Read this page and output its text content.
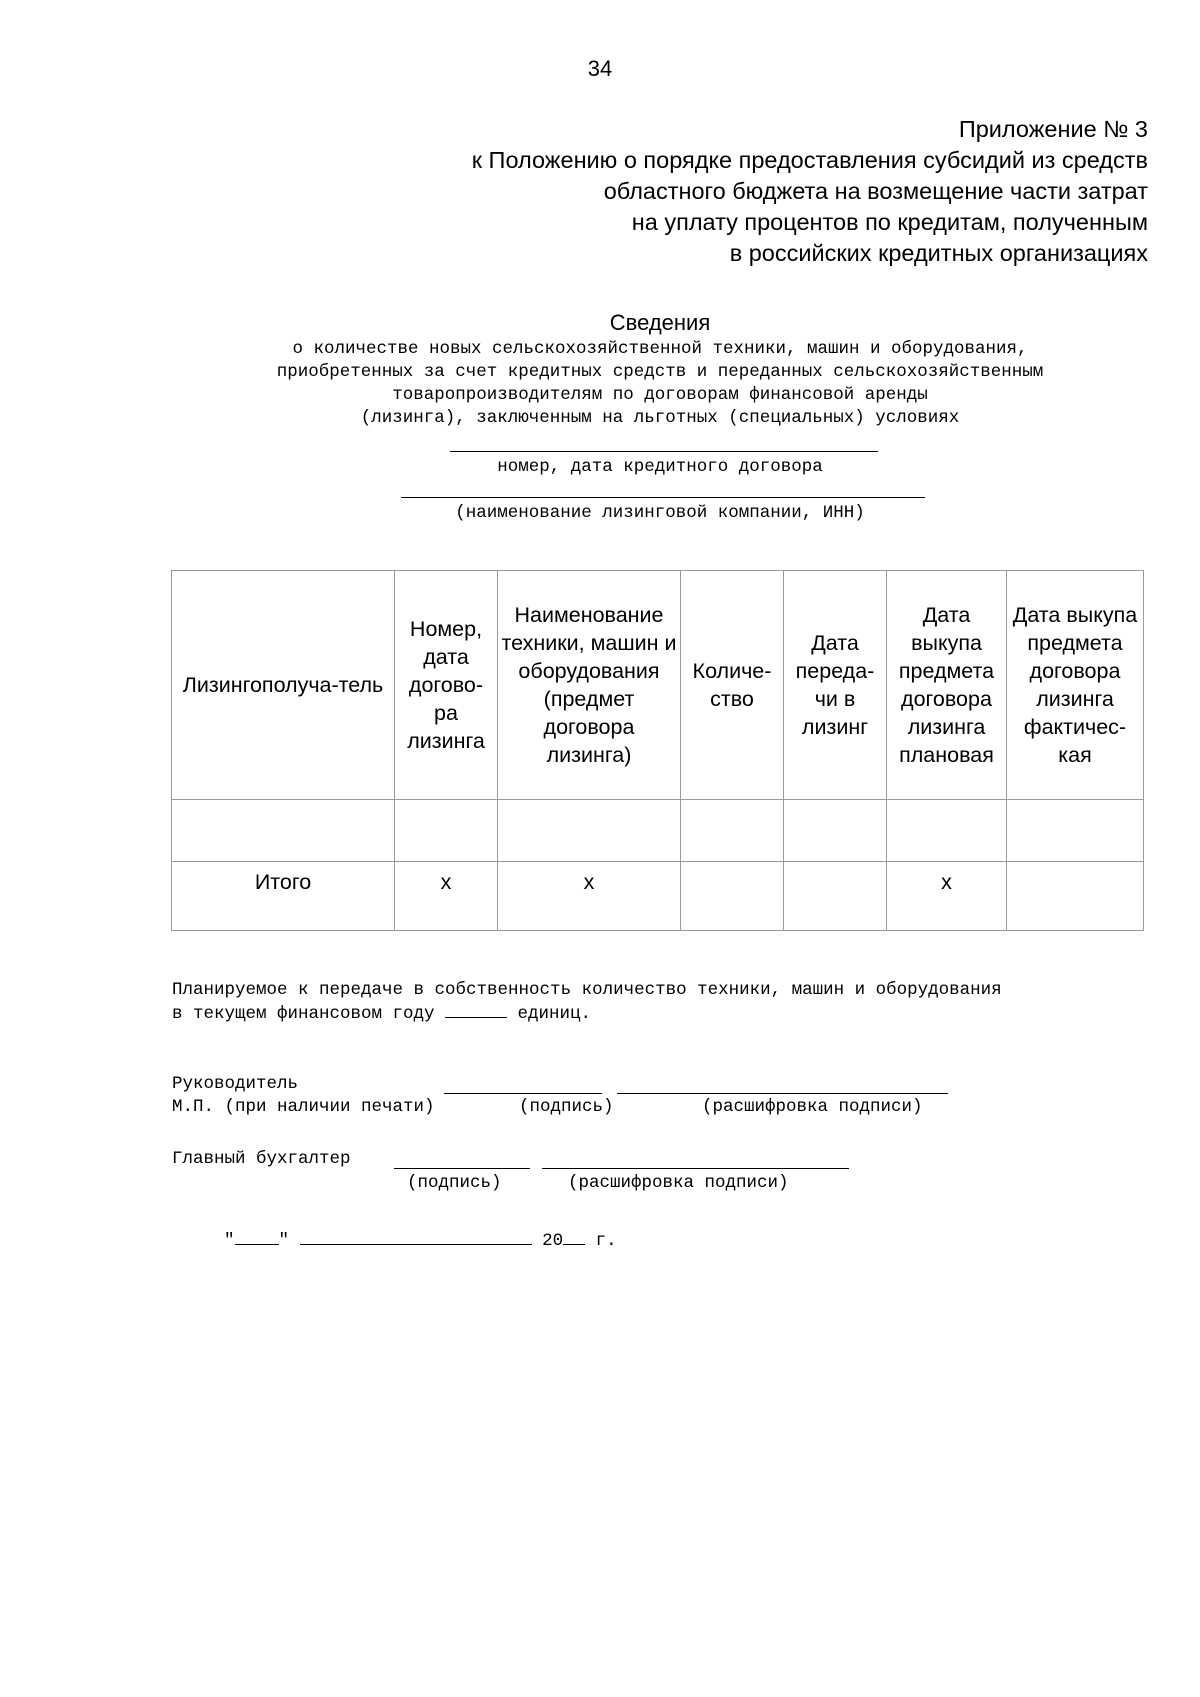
34
Приложение № 3
к Положению о порядке предоставления субсидий из средств
областного бюджета на возмещение части затрат
на уплату процентов по кредитам, полученным
в российских кредитных организациях
Сведения
о количестве новых сельскохозяйственной техники, машин и оборудования,
приобретенных за счет кредитных средств и переданных сельскохозяйственным
товаропроизводителям по договорам финансовой аренды
(лизинга), заключенным на льготных (специальных) условиях
номер, дата кредитного договора
(наименование лизинговой компании, ИНН)
Лизингополуча-тель	Номер, дата догово-ра лизинга	Наименование техники, машин и оборудования (предмет договора лизинга)	Количе-ство	Дата переда-чи в лизинг	Дата выкупа предмета договора лизинга плановая	Дата выкупа предмета договора лизинга фактичес-кая

Итого	x	x			x	
Планируемое к передаче в собственность количество техники, машин и оборудования
в текущем финансовом году	единиц.
Руководитель
М.П. (при наличии печати)	(подпись)	(расшифровка подписи)
Главный бухгалтер
(подпись)	(расшифровка подписи)
"	"	20 г.
